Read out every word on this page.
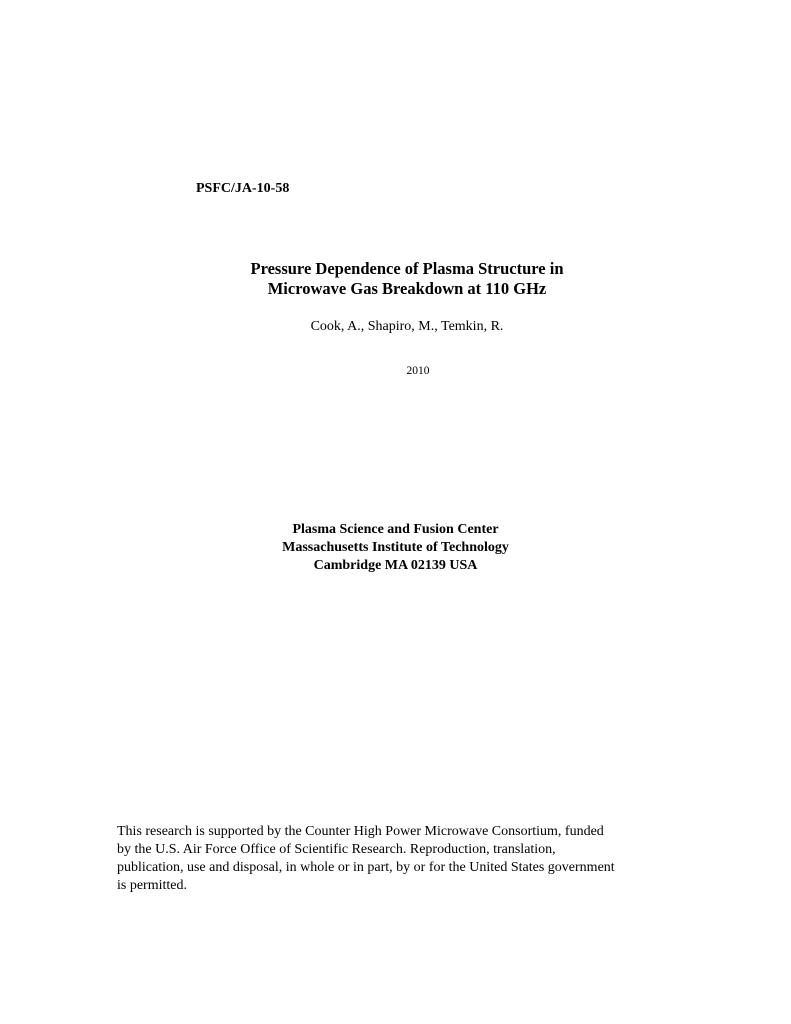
PSFC/JA-10-58
Pressure Dependence of Plasma Structure in
Microwave Gas Breakdown at 110 GHz
Cook, A., Shapiro, M., Temkin, R.
2010
Plasma Science and Fusion Center
Massachusetts Institute of Technology
Cambridge MA 02139 USA
This research is supported by the Counter High Power Microwave Consortium, funded
by the U.S. Air Force Office of Scientific Research. Reproduction, translation,
publication, use and disposal, in whole or in part, by or for the United States government
is permitted.
